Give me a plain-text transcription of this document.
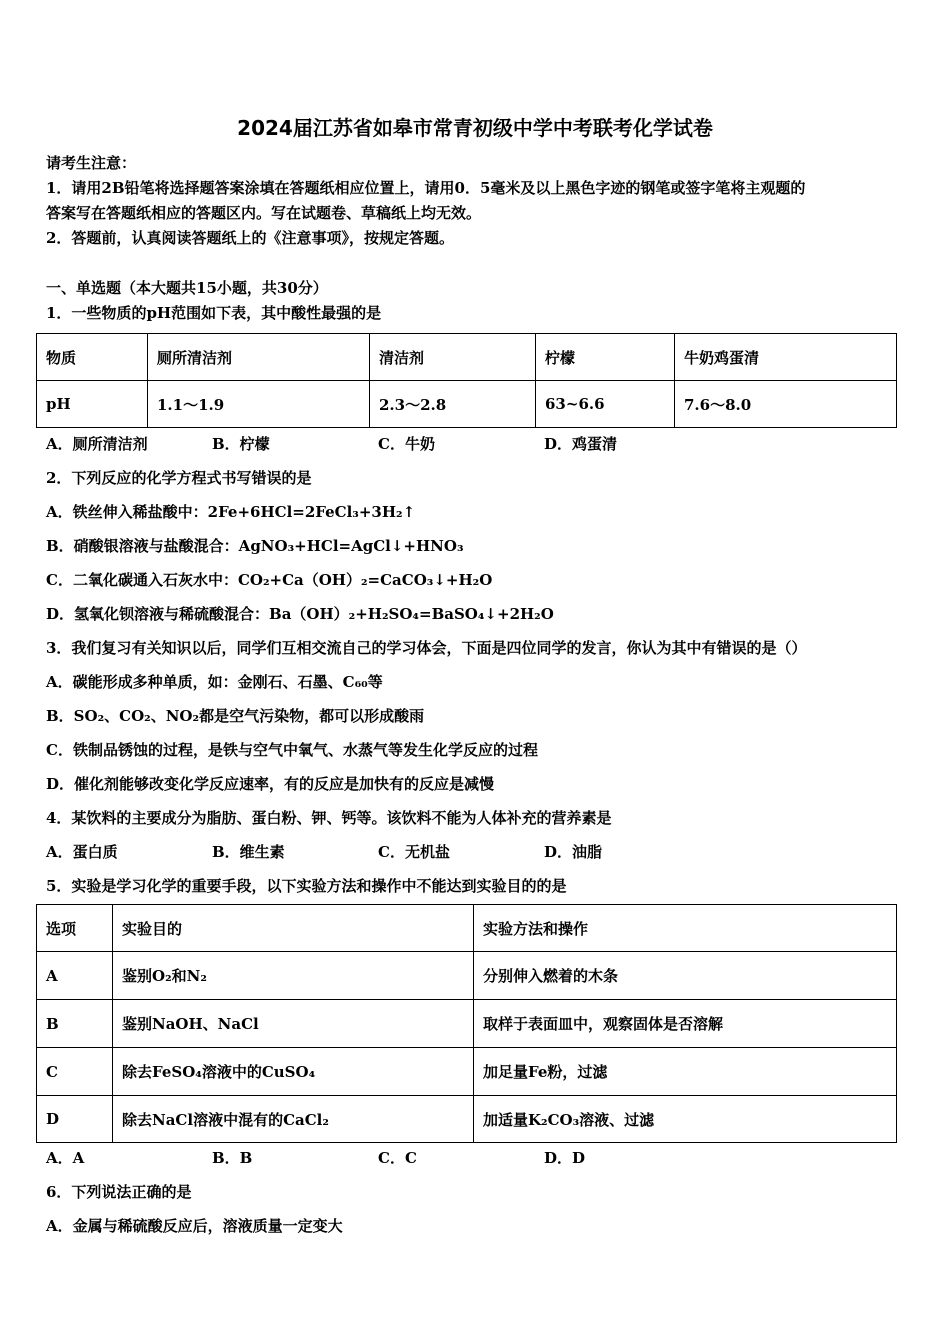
2024届江苏省如皋市常青初级中学中考联考化学试卷
请考生注意：
1．请用2B铅笔将选择题答案涂填在答题纸相应位置上，请用0．5毫米及以上黑色字迹的钢笔或签字笔将主观题的
答案写在答题纸相应的答题区内。写在试题卷、草稿纸上均无效。
2．答题前，认真阅读答题纸上的《注意事项》，按规定答题。
一、单选题（本大题共15小题，共30分）
1．一些物质的pH范围如下表，其中酸性最强的是
物质	厕所清洁剂	清洁剂	柠檬	牛奶鸡蛋清
pH	1.1～1.9	2.3～2.8	63~6.6	7.6～8.0
A．厕所清洁剂	B．柠檬	C．牛奶	D．鸡蛋清
2．下列反应的化学方程式书写错误的是
A．铁丝伸入稀盐酸中：2Fe+6HCl=2FeCl₃+3H₂↑
B．硝酸银溶液与盐酸混合：AgNO₃+HCl=AgCl↓+HNO₃
C．二氧化碳通入石灰水中：CO₂+Ca（OH）₂=CaCO₃↓+H₂O
D．氢氧化钡溶液与稀硫酸混合：Ba（OH）₂+H₂SO₄=BaSO₄↓+2H₂O
3．我们复习有关知识以后，同学们互相交流自己的学习体会，下面是四位同学的发言，你认为其中有错误的是（）
A．碳能形成多种单质，如：金刚石、石墨、C₆₀等
B．SO₂、CO₂、NO₂都是空气污染物，都可以形成酸雨
C．铁制品锈蚀的过程，是铁与空气中氧气、水蒸气等发生化学反应的过程
D．催化剂能够改变化学反应速率，有的反应是加快有的反应是减慢
4．某饮料的主要成分为脂肪、蛋白粉、钾、钙等。该饮料不能为人体补充的营养素是
A．蛋白质	B．维生素	C．无机盐	D．油脂
5．实验是学习化学的重要手段，以下实验方法和操作中不能达到实验目的的是
选项	实验目的	实验方法和操作
A	鉴别O₂和N₂	分别伸入燃着的木条
B	鉴别NaOH、NaCl	取样于表面皿中，观察固体是否溶解
C	除去FeSO₄溶液中的CuSO₄	加足量Fe粉，过滤
D	除去NaCl溶液中混有的CaCl₂	加适量K₂CO₃溶液、过滤
A．A	B．B	C．C	D．D
6．下列说法正确的是
A．金属与稀硫酸反应后，溶液质量一定变大
